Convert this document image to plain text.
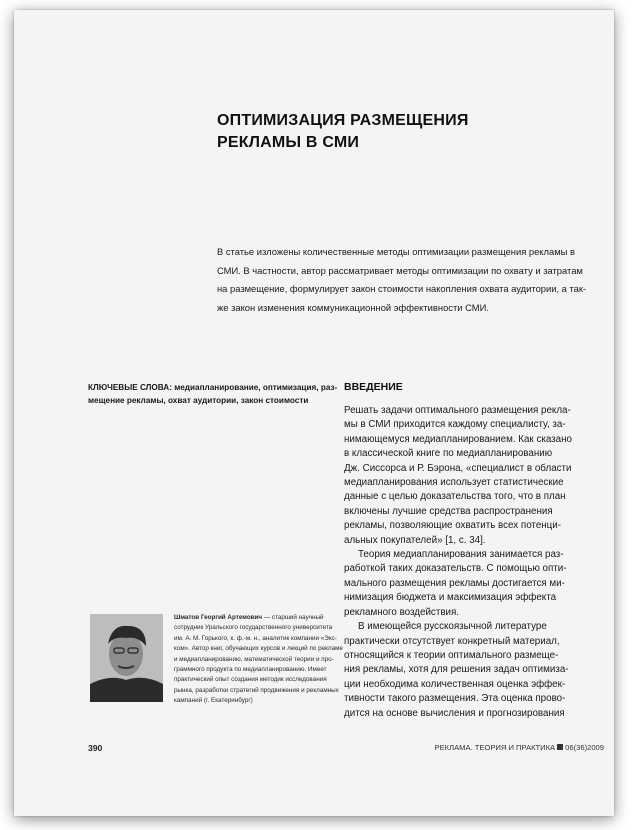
ОПТИМИЗАЦИЯ РАЗМЕЩЕНИЯ
РЕКЛАМЫ В СМИ
В статье изложены количественные методы оптимизации размещения рекламы в
СМИ. В частности, автор рассматривает методы оптимизации по охвату и затратам
на размещение, формулирует закон стоимости накопления охвата аудитории, а так-
же закон изменения коммуникационной эффективности СМИ.
КЛЮЧЕВЫЕ СЛОВА: медиапланирование, оптимизация, раз-
мещение рекламы, охват аудитории, закон стоимости
ВВЕДЕНИЕ
Решать задачи оптимального размещения рекла-
мы в СМИ приходится каждому специалисту, за-
нимающемуся медиапланированием. Как сказано
в классической книге по медиапланированию
Дж. Сиссорса и Р. Бэрона, «специалист в области
медиапланирования использует статистические
данные с целью доказательства того, что в план
включены лучшие средства распространения
рекламы, позволяющие охватить всех потенци-
альных покупателей» [1, с. 34].
Теория медиапланирования занимается раз-
работкой таких доказательств. С помощью опти-
мального размещения рекламы достигается ми-
нимизация бюджета и максимизация эффекта
рекламного воздействия.
В имеющейся русскоязычной литературе
практически отсутствует конкретный материал,
относящийся к теории оптимального размеще-
ния рекламы, хотя для решения задач оптимиза-
ции необходима количественная оценка эффек-
тивности такого размещения. Эта оценка прово-
дится на основе вычисления и прогнозирования
Шматов Георгий Артемович — старший научный
сотрудник Уральского государственного университета
им. А. М. Горького, к. ф.-м. н., аналитик компании «Экс-
ком». Автор книг, обучающих курсов и лекций по рекламе
и медиапланированию, математической теории и про-
граммного продукта по медиапланированию. Имеет
практический опыт создания методик исследования
рынка, разработки стратегий продвижения и рекламных
кампаний (г. Екатеринбург)
390	РЕКЛАМА. ТЕОРИЯ И ПРАКТИКА 06(36)2009
